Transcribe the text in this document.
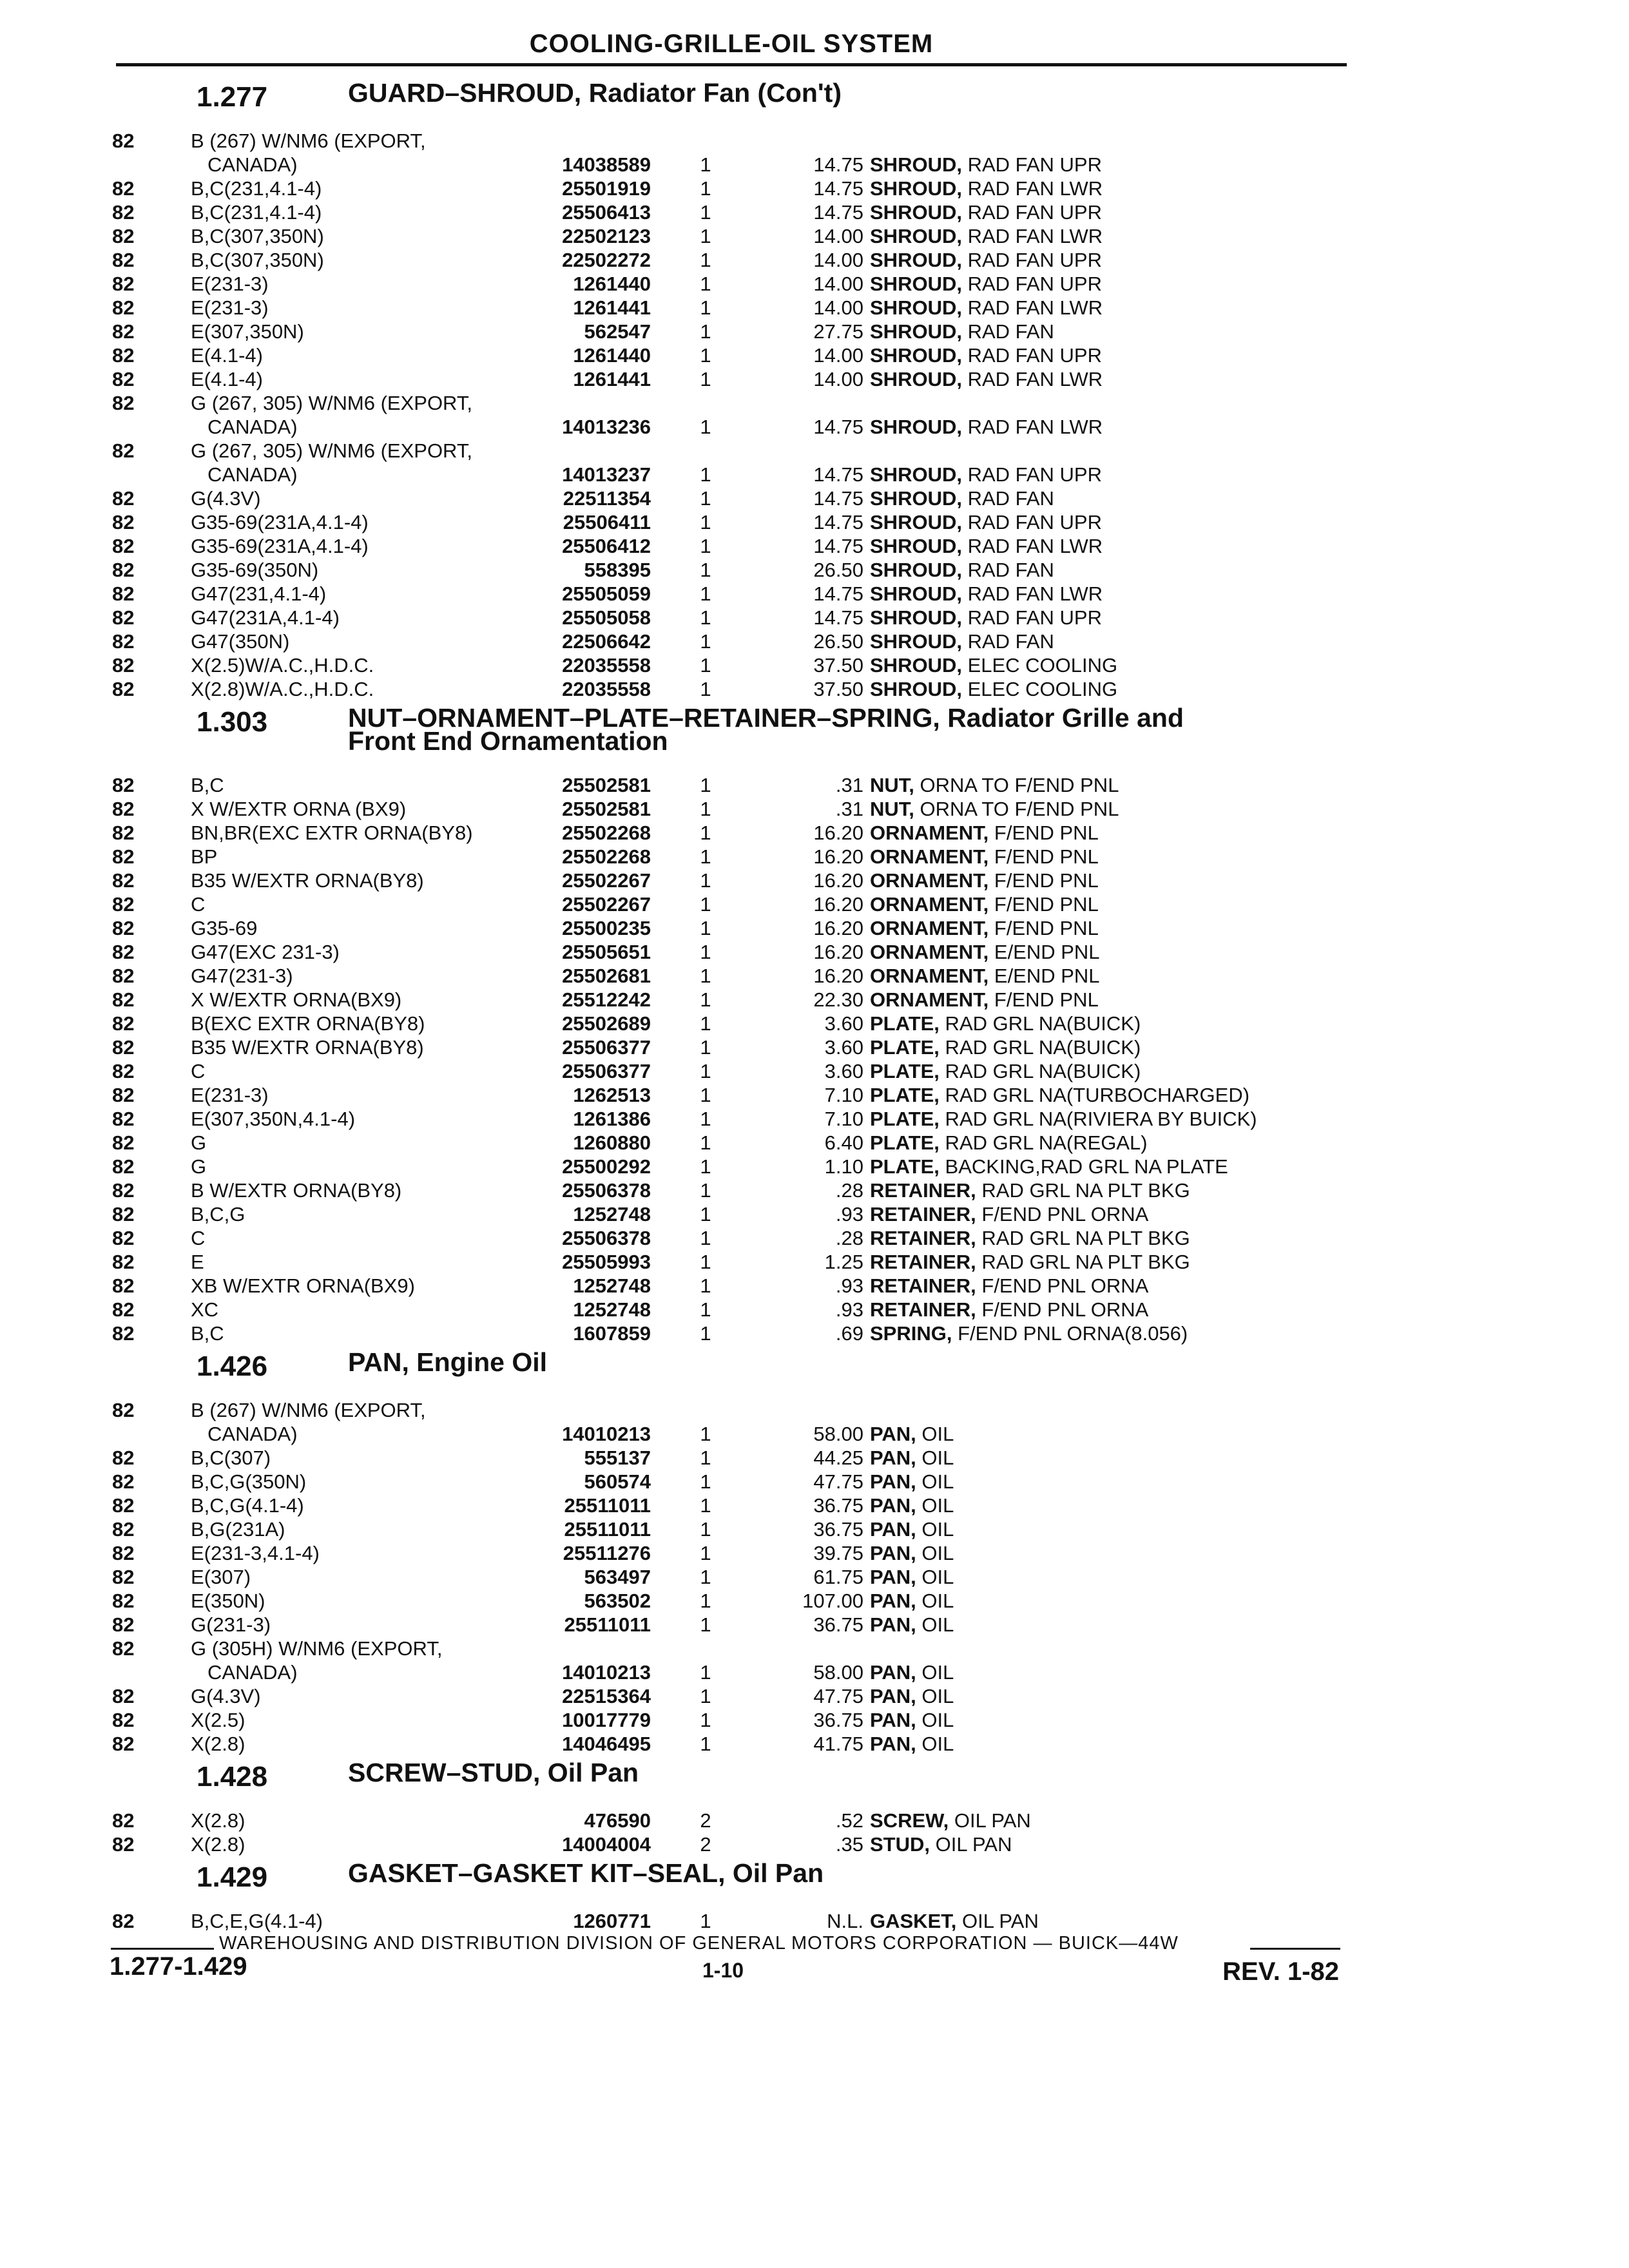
COOLING-GRILLE-OIL SYSTEM
1.277	GUARD–SHROUD, Radiator Fan (Con't)
82	B (267) W/NM6 (EXPORT,
CANADA)	14038589 1	14.75 SHROUD, RAD FAN UPR
82	B,C(231,4.1-4)	25501919 1	14.75 SHROUD, RAD FAN LWR
82	B,C(231,4.1-4)	25506413 1	14.75 SHROUD, RAD FAN UPR
82	B,C(307,350N)	22502123 1	14.00 SHROUD, RAD FAN LWR
82	B,C(307,350N)	22502272 1	14.00 SHROUD, RAD FAN UPR
82	E(231-3)	1261440 1	14.00 SHROUD, RAD FAN UPR
82	E(231-3)	1261441 1	14.00 SHROUD, RAD FAN LWR
82	E(307,350N)	562547 1	27.75 SHROUD, RAD FAN
82	E(4.1-4)	1261440 1	14.00 SHROUD, RAD FAN UPR
82	E(4.1-4)	1261441 1	14.00 SHROUD, RAD FAN LWR
82	G (267, 305) W/NM6 (EXPORT,
CANADA)	14013236 1	14.75 SHROUD, RAD FAN LWR
82	G (267, 305) W/NM6 (EXPORT,
CANADA)	14013237 1	14.75 SHROUD, RAD FAN UPR
82	G(4.3V)	22511354 1	14.75 SHROUD, RAD FAN
82	G35-69(231A,4.1-4)	25506411 1	14.75 SHROUD, RAD FAN UPR
82	G35-69(231A,4.1-4)	25506412 1	14.75 SHROUD, RAD FAN LWR
82	G35-69(350N)	558395 1	26.50 SHROUD, RAD FAN
82	G47(231,4.1-4)	25505059 1	14.75 SHROUD, RAD FAN LWR
82	G47(231A,4.1-4)	25505058 1	14.75 SHROUD, RAD FAN UPR
82	G47(350N)	22506642 1	26.50 SHROUD, RAD FAN
82	X(2.5)W/A.C.,H.D.C.	22035558 1	37.50 SHROUD, ELEC COOLING
82	X(2.8)W/A.C.,H.D.C.	22035558 1	37.50 SHROUD, ELEC COOLING
1.303	NUT–ORNAMENT–PLATE–RETAINER–SPRING, Radiator Grille and
Front End Ornamentation
82	B,C	25502581 1	.31 NUT, ORNA TO F/END PNL
82	X W/EXTR ORNA (BX9)	25502581 1	.31 NUT, ORNA TO F/END PNL
82	BN,BR(EXC EXTR ORNA(BY8)	25502268 1	16.20 ORNAMENT, F/END PNL
82	BP	25502268 1	16.20 ORNAMENT, F/END PNL
82	B35 W/EXTR ORNA(BY8)	25502267 1	16.20 ORNAMENT, F/END PNL
82	C	25502267 1	16.20 ORNAMENT, F/END PNL
82	G35-69	25500235 1	16.20 ORNAMENT, F/END PNL
82	G47(EXC 231-3)	25505651 1	16.20 ORNAMENT, E/END PNL
82	G47(231-3)	25502681 1	16.20 ORNAMENT, E/END PNL
82	X W/EXTR ORNA(BX9)	25512242 1	22.30 ORNAMENT, F/END PNL
82	B(EXC EXTR ORNA(BY8)	25502689 1	3.60 PLATE, RAD GRL NA(BUICK)
82	B35 W/EXTR ORNA(BY8)	25506377 1	3.60 PLATE, RAD GRL NA(BUICK)
82	C	25506377 1	3.60 PLATE, RAD GRL NA(BUICK)
82	E(231-3)	1262513 1	7.10 PLATE, RAD GRL NA(TURBOCHARGED)
82	E(307,350N,4.1-4)	1261386 1	7.10 PLATE, RAD GRL NA(RIVIERA BY BUICK)
82	G	1260880 1	6.40 PLATE, RAD GRL NA(REGAL)
82	G	25500292 1	1.10 PLATE, BACKING,RAD GRL NA PLATE
82	B W/EXTR ORNA(BY8)	25506378 1	.28 RETAINER, RAD GRL NA PLT BKG
82	B,C,G	1252748 1	.93 RETAINER, F/END PNL ORNA
82	C	25506378 1	.28 RETAINER, RAD GRL NA PLT BKG
82	E	25505993 1	1.25 RETAINER, RAD GRL NA PLT BKG
82	XB W/EXTR ORNA(BX9)	1252748 1	.93 RETAINER, F/END PNL ORNA
82	XC	1252748 1	.93 RETAINER, F/END PNL ORNA
82	B,C	1607859 1	.69 SPRING, F/END PNL ORNA(8.056)
1.426	PAN, Engine Oil
82	B (267) W/NM6 (EXPORT,
CANADA)	14010213 1	58.00 PAN, OIL
82	B,C(307)	555137 1	44.25 PAN, OIL
82	B,C,G(350N)	560574 1	47.75 PAN, OIL
82	B,C,G(4.1-4)	25511011 1	36.75 PAN, OIL
82	B,G(231A)	25511011 1	36.75 PAN, OIL
82	E(231-3,4.1-4)	25511276 1	39.75 PAN, OIL
82	E(307)	563497 1	61.75 PAN, OIL
82	E(350N)	563502 1	107.00 PAN, OIL
82	G(231-3)	25511011 1	36.75 PAN, OIL
82	G (305H) W/NM6 (EXPORT,
CANADA)	14010213 1	58.00 PAN, OIL
82	G(4.3V)	22515364 1	47.75 PAN, OIL
82	X(2.5)	10017779 1	36.75 PAN, OIL
82	X(2.8)	14046495 1	41.75 PAN, OIL
1.428	SCREW–STUD, Oil Pan
82	X(2.8)	476590 2	.52 SCREW, OIL PAN
82	X(2.8)	14004004 2	.35 STUD, OIL PAN
1.429	GASKET–GASKET KIT–SEAL, Oil Pan
82	B,C,E,G(4.1-4)	1260771 1	N.L. GASKET, OIL PAN
WAREHOUSING AND DISTRIBUTION DIVISION OF GENERAL MOTORS CORPORATION — BUICK—44W
1.277-1.429	1-10	REV. 1-82
